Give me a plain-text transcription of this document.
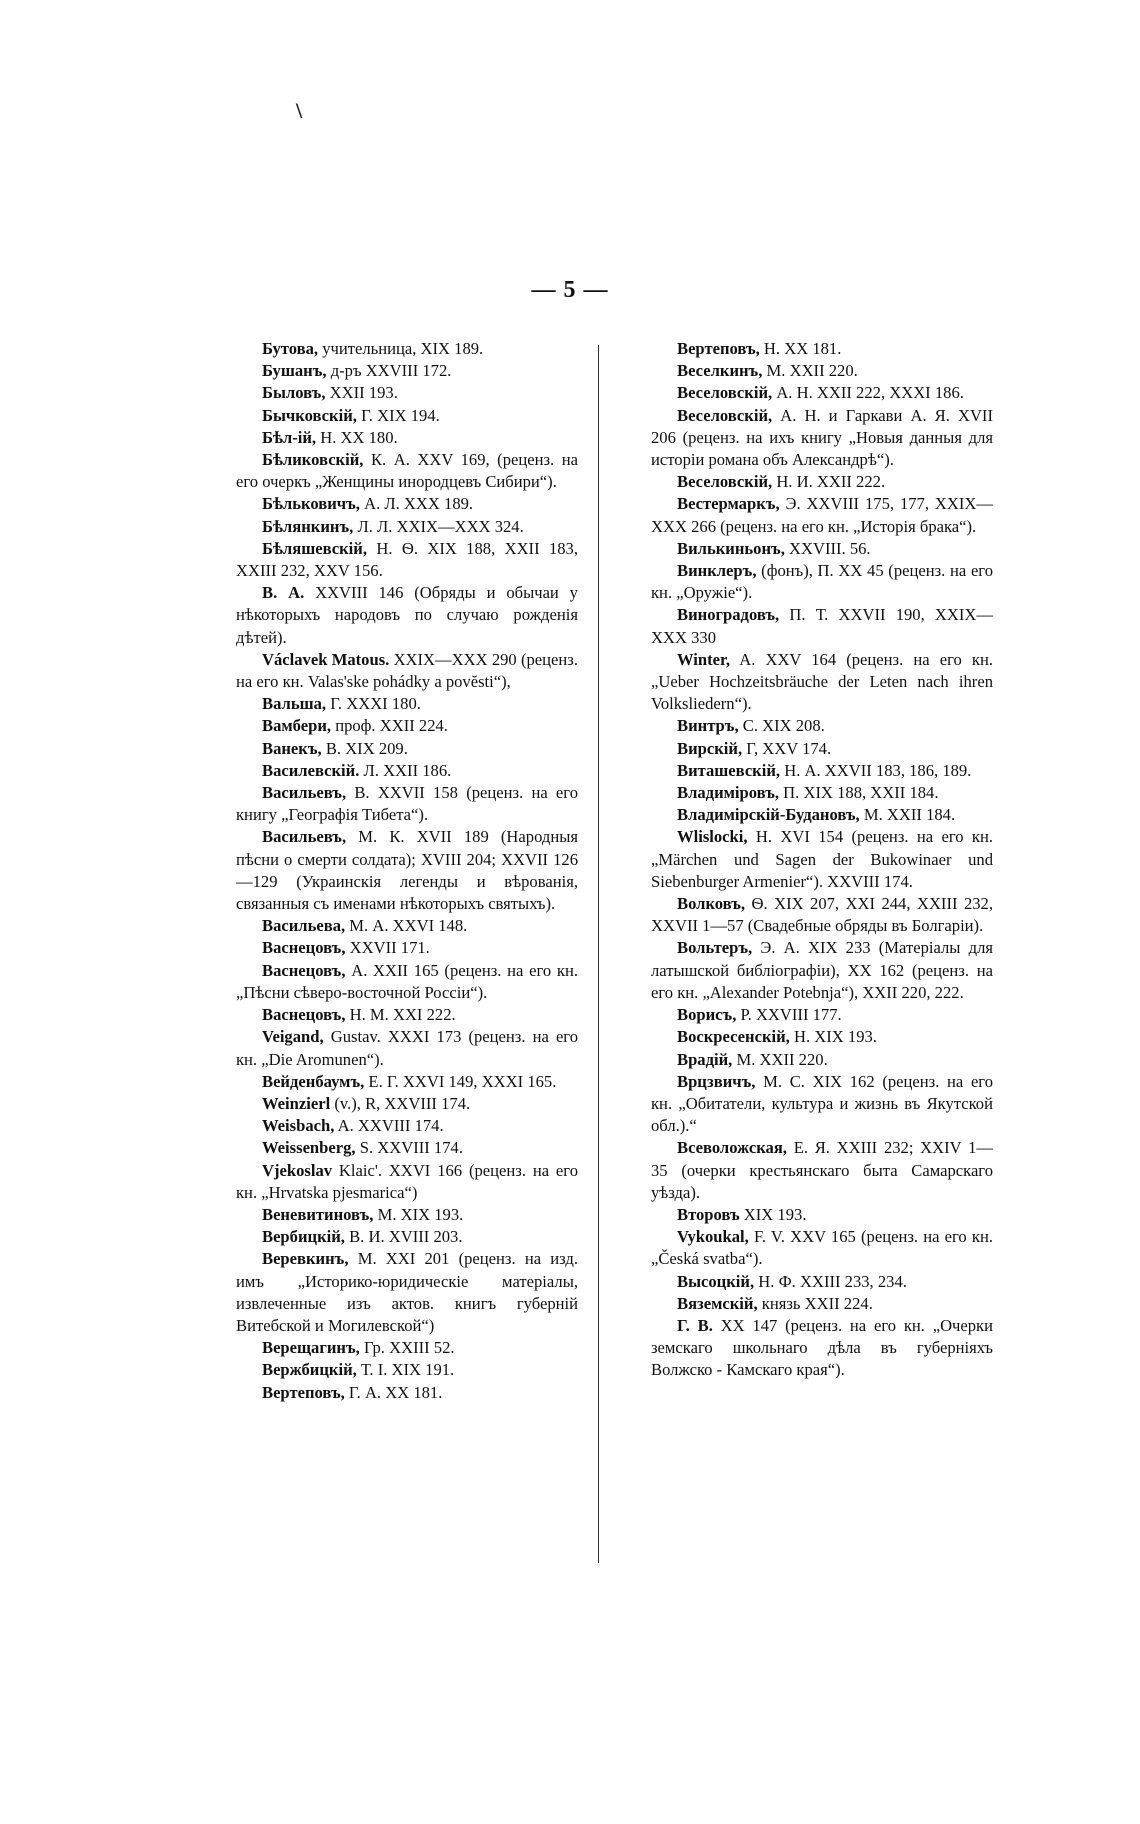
\
— 5 —

Бутова, учительница, XIX 189.

Бушанъ, д-ръ XXVIII 172.

Быловъ, XXII 193.

Бычковскій, Г. XIX 194.

Бѣл-ій, Н. XX 180.

Бѣликовскій, К. А. XXV 169, (реценз. на его очеркъ „Женщины инородцевъ Сибири“).

Бѣльковичъ, А. Л. XXX 189.

Бѣлянкинъ, Л. Л. XXIX—XXX 324.

Бѣляшевскій, Н. Ѳ. XIX 188, XXII 183, XXIII 232, XXV 156.

В. А. XXVIII 146 (Обряды и обычаи у нѣкоторыхъ народовъ по случаю рожденія дѣтей).

Václavek Matous. XXIX—XXX 290 (реценз. на его кн. Valas'ske pohádky a povĕsti“),

Вальша, Г. XXXI 180.

Вамбери, проф. XXII 224.

Ванекъ, В. XIX 209.

Василевскій. Л. XXII 186.

Васильевъ, В. XXVII 158 (реценз. на его книгу „Географія Тибета“).

Васильевъ, М. К. XVII 189 (Народныя пѣсни о смерти солдата); XVIII 204; XXVII 126—129 (Украинскія легенды и вѣрованія, связанныя съ именами нѣкоторыхъ святыхъ).

Васильева, М. А. XXVI 148.

Васнецовъ, XXVII 171.

Васнецовъ, А. XXII 165 (реценз. на его кн. „Пѣсни сѣверо-восточной Россіи“).

Васнецовъ, Н. М. XXI 222.

Veigand, Gustav. XXXI 173 (реценз. на его кн. „Die Aromunen“).

Вейденбаумъ, Е. Г. XXVI 149, XXXI 165.

Weinzierl (v.), R, XXVIII 174.

Weisbach, A. XXVIII 174.

Weissenberg, S. XXVIII 174.

Vjekoslav Klaic'. XXVI 166 (реценз. на его кн. „Hrvatska pjesmarica“)

Веневитиновъ, М. XIX 193.

Вербицкій, В. И. XVIII 203.

Веревкинъ, М. XXI 201 (реценз. на изд. имъ „Историко-юридическіе матеріалы, извлеченные изъ актов. книгъ губерній Витебской и Могилевской“)

Верещагинъ, Гр. XXIII 52.

Вержбицкій, Т. I. XIX 191.

Вертеповъ, Г. А. XX 181.

Вертеповъ, Н. XX 181.

Веселкинъ, М. XXII 220.

Веселовскій, А. Н. XXII 222, XXXI 186.

Веселовскій, А. Н. и Гаркави А. Я. XVII 206 (реценз. на ихъ книгу „Новыя данныя для исторіи романа объ Александрѣ“).

Веселовскій, Н. И. XXII 222.

Вестермаркъ, Э. XXVIII 175, 177, XXIX—XXX 266 (реценз. на его кн. „Исторія брака“).

Вилькиньонъ, XXVIII. 56.

Винклеръ, (фонъ), П. XX 45 (реценз. на его кн. „Оружіе“).

Виноградовъ, П. Т. XXVII 190, XXIX—XXX 330

Winter, A. XXV 164 (реценз. на его кн. „Ueber Hochzeitsbräuche der Leten nach ihren Volksliedern“).

Винтръ, С. XIX 208.

Вирскій, Г, XXV 174.

Виташевскій, Н. А. XXVII 183, 186, 189.

Владиміровъ, П. XIX 188, XXII 184.

Владимірскій-Будановъ, М. XXII 184.

Wlislocki, H. XVI 154 (реценз. на его кн. „Märchen und Sagen der Bukowinaer und Siebenburger Armenier“). XXVIII 174.

Волковъ, Ѳ. XIX 207, XXI 244, XXIII 232, XXVII 1—57 (Свадебные обряды въ Болгаріи).

Вольтеръ, Э. А. XIX 233 (Матеріалы для латышской библіографіи), XX 162 (реценз. на его кн. „Alexander Potebnja“), XXII 220, 222.

Ворисъ, Р. XXVIII 177.

Воскресенскій, Н. XIX 193.

Врадій, М. XXII 220.

Врцзвичъ, М. С. XIX 162 (реценз. на его кн. „Обитатели, культура и жизнь въ Якутской обл.).“

Всеволожская, Е. Я. XXIII 232; XXIV 1—35 (очерки крестьянскаго быта Самарскаго уѣзда).

Второвъ XIX 193.

Vykoukal, F. V. XXV 165 (реценз. на его кн. „Česká svatba“).

Высоцкій, Н. Ф. XXIII 233, 234.

Вяземскій, князь XXII 224.

Г. В. XX 147 (реценз. на его кн. „Очерки земскаго школьнаго дѣла въ губерніяхъ Волжско - Камскаго края“).
